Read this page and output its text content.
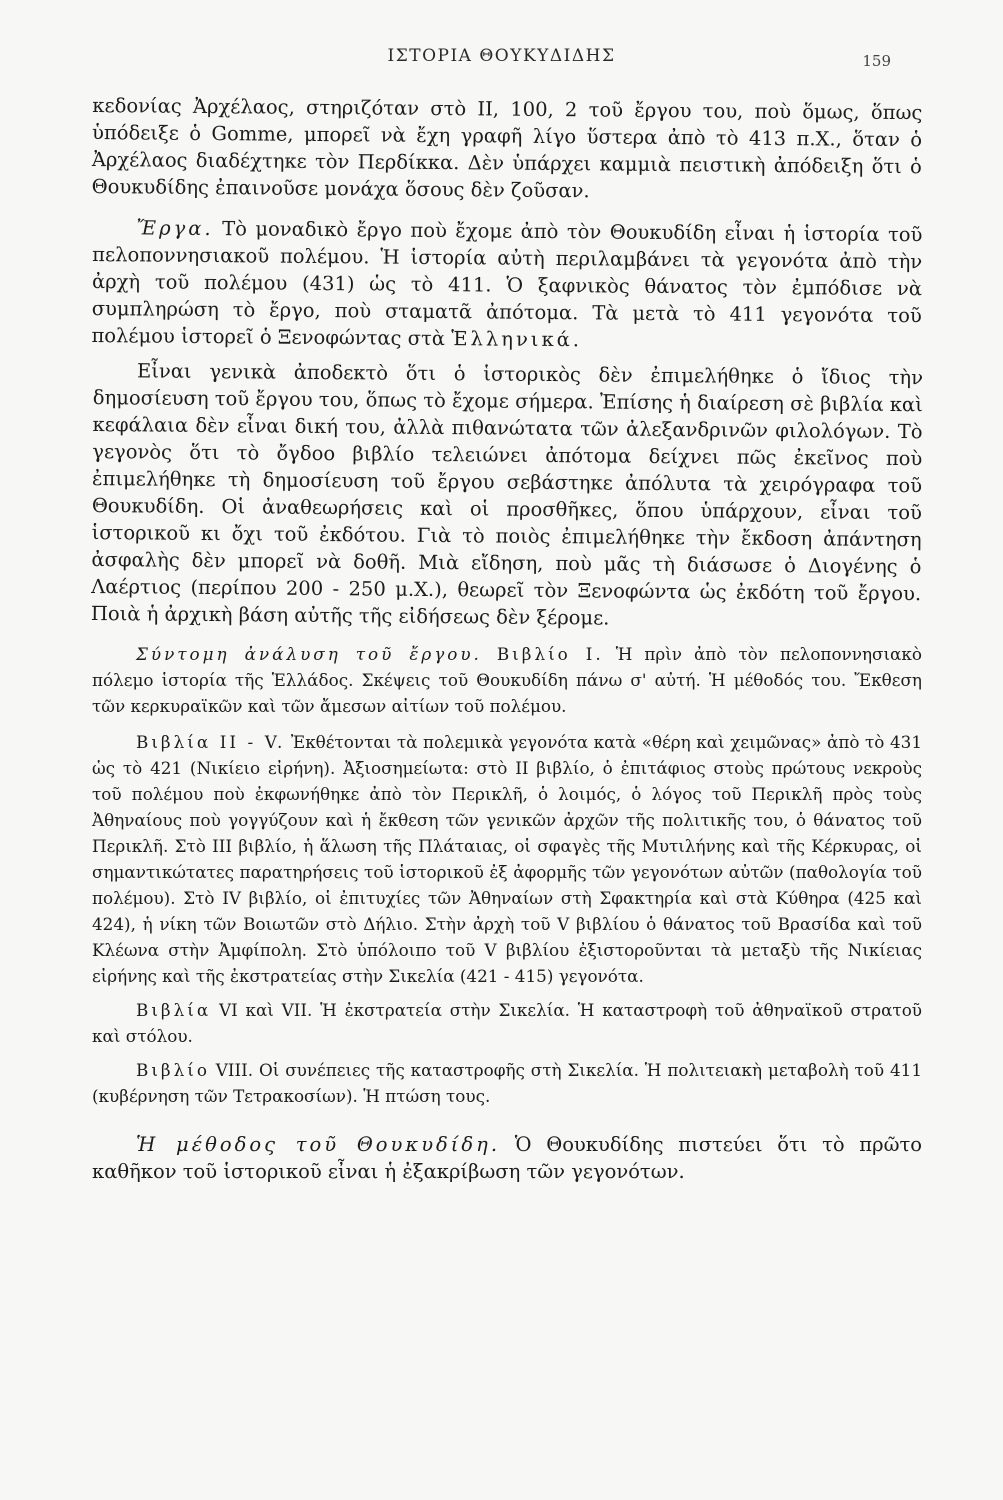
ΙΣΤΟΡΙΑ ΘΟΥΚΥΔΙΔΗΣ	159

κεδονίας Ἀρχέλαος, στηριζόταν στὸ ΙΙ, 100, 2 τοῦ ἔργου του, ποὺ ὅμως, ὅπως ὑπόδειξε ὁ Gomme, μπορεῖ νὰ ἔχη γραφῆ λίγο ὕστερα ἀπὸ τὸ 413 π.Χ., ὅταν ὁ Ἀρχέλαος διαδέχτηκε τὸν Περδίκκα. Δὲν ὑπάρχει καμμιὰ πειστικὴ ἀπόδειξη ὅτι ὁ Θουκυδίδης ἐπαινοῦσε μονάχα ὅσους δὲν ζοῦσαν.

Ἔργα. Τὸ μοναδικὸ ἔργο ποὺ ἔχομε ἀπὸ τὸν Θουκυδίδη εἶναι ἡ ἱστορία τοῦ πελοποννησιακοῦ πολέμου. Ἡ ἱστορία αὐτὴ περιλαμβάνει τὰ γεγονότα ἀπὸ τὴν ἀρχὴ τοῦ πολέμου (431) ὡς τὸ 411. Ὁ ξαφνικὸς θάνατος τὸν ἐμπόδισε νὰ συμπληρώση τὸ ἔργο, ποὺ σταματᾶ ἀπότομα. Τὰ μετὰ τὸ 411 γεγονότα τοῦ πολέμου ἱστορεῖ ὁ Ξενοφώντας στὰ Ἑλληνικά.

Εἶναι γενικὰ ἀποδεκτὸ ὅτι ὁ ἱστορικὸς δὲν ἐπιμελήθηκε ὁ ἴδιος τὴν δημοσίευση τοῦ ἔργου του, ὅπως τὸ ἔχομε σήμερα. Ἐπίσης ἡ διαίρεση σὲ βιβλία καὶ κεφάλαια δὲν εἶναι δική του, ἀλλὰ πιθανώτατα τῶν ἀλεξανδρινῶν φιλολόγων. Τὸ γεγονὸς ὅτι τὸ ὄγδοο βιβλίο τελειώνει ἀπότομα δείχνει πῶς ἐκεῖνος ποὺ ἐπιμελήθηκε τὴ δημοσίευση τοῦ ἔργου σεβάστηκε ἀπόλυτα τὰ χειρόγραφα τοῦ Θουκυδίδη. Οἱ ἀναθεωρήσεις καὶ οἱ προσθῆκες, ὅπου ὑπάρχουν, εἶναι τοῦ ἱστορικοῦ κι ὄχι τοῦ ἐκδότου. Γιὰ τὸ ποιὸς ἐπιμελήθηκε τὴν ἔκδοση ἀπάντηση ἀσφαλὴς δὲν μπορεῖ νὰ δοθῆ. Μιὰ εἴδηση, ποὺ μᾶς τὴ διάσωσε ὁ Διογένης ὁ Λαέρτιος (περίπου 200 - 250 μ.Χ.), θεωρεῖ τὸν Ξενοφώντα ὡς ἐκδότη τοῦ ἔργου. Ποιὰ ἡ ἀρχικὴ βάση αὐτῆς τῆς εἰδήσεως δὲν ξέρομε.

Σύντομη ἀνάλυση τοῦ ἔργου. Βιβλίο Ι. Ἡ πρὶν ἀπὸ τὸν πελοποννησιακὸ πόλεμο ἱστορία τῆς Ἑλλάδος. Σκέψεις τοῦ Θουκυδίδη πάνω σ' αὐτή. Ἡ μέθοδός του. Ἔκθεση τῶν κερκυραϊκῶν καὶ τῶν ἄμεσων αἰτίων τοῦ πολέμου.

Βιβλία ΙΙ - V. Ἐκθέτονται τὰ πολεμικὰ γεγονότα κατὰ «θέρη καὶ χειμῶνας» ἀπὸ τὸ 431 ὡς τὸ 421 (Νικίειο εἰρήνη). Ἀξιοσημείωτα: στὸ ΙΙ βιβλίο, ὁ ἐπιτάφιος στοὺς πρώτους νεκροὺς τοῦ πολέμου ποὺ ἐκφωνήθηκε ἀπὸ τὸν Περικλῆ, ὁ λοιμός, ὁ λόγος τοῦ Περικλῆ πρὸς τοὺς Ἀθηναίους ποὺ γογγύζουν καὶ ἡ ἔκθεση τῶν γενικῶν ἀρχῶν τῆς πολιτικῆς του, ὁ θάνατος τοῦ Περικλῆ. Στὸ ΙΙΙ βιβλίο, ἡ ἅλωση τῆς Πλάταιας, οἱ σφαγὲς τῆς Μυτιλήνης καὶ τῆς Κέρκυρας, οἱ σημαντικώτατες παρατηρήσεις τοῦ ἱστορικοῦ ἐξ ἀφορμῆς τῶν γεγονότων αὐτῶν (παθολογία τοῦ πολέμου). Στὸ IV βιβλίο, οἱ ἐπιτυχίες τῶν Ἀθηναίων στὴ Σφακτηρία καὶ στὰ Κύθηρα (425 καὶ 424), ἡ νίκη τῶν Βοιωτῶν στὸ Δήλιο. Στὴν ἀρχὴ τοῦ V βιβλίου ὁ θάνατος τοῦ Βρασίδα καὶ τοῦ Κλέωνα στὴν Ἀμφίπολη. Στὸ ὑπόλοιπο τοῦ V βιβλίου ἐξιστοροῦνται τὰ μεταξὺ τῆς Νικίειας εἰρήνης καὶ τῆς ἐκστρατείας στὴν Σικελία (421 - 415) γεγονότα.

Βιβλία VI καὶ VII. Ἡ ἐκστρατεία στὴν Σικελία. Ἡ καταστροφὴ τοῦ ἀθηναϊκοῦ στρατοῦ καὶ στόλου.

Βιβλίο VIII. Οἱ συνέπειες τῆς καταστροφῆς στὴ Σικελία. Ἡ πολιτειακὴ μεταβολὴ τοῦ 411 (κυβέρνηση τῶν Τετρακοσίων). Ἡ πτώση τους.

Ἡ μέθοδος τοῦ Θουκυδίδη. Ὁ Θουκυδίδης πιστεύει ὅτι τὸ πρῶτο καθῆκον τοῦ ἱστορικοῦ εἶναι ἡ ἐξακρίβωση τῶν γεγονότων.
